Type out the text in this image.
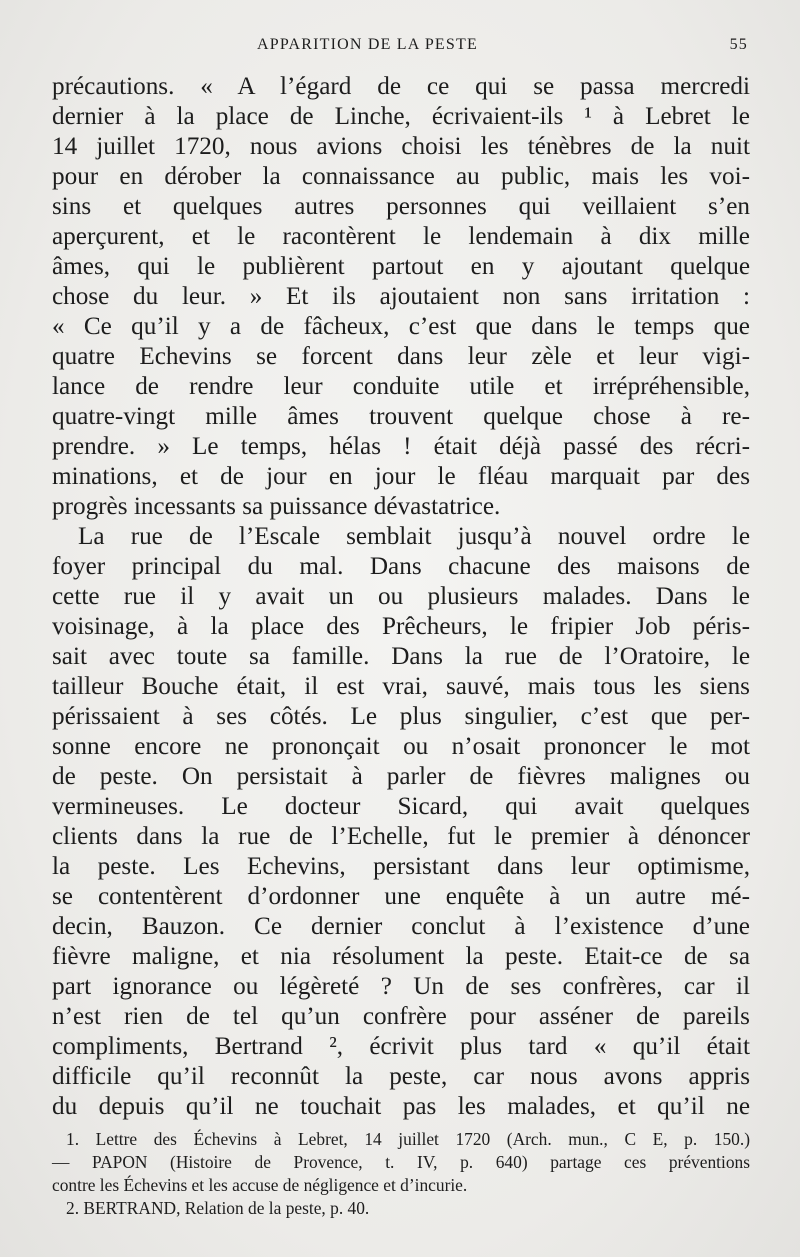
APPARITION DE LA PESTE	55
précautions. « A l’égard de ce qui se passa mercredi
dernier à la place de Linche, écrivaient-ils ¹ à Lebret le
14 juillet 1720, nous avions choisi les ténèbres de la nuit
pour en dérober la connaissance au public, mais les voi-
sins et quelques autres personnes qui veillaient s’en
aperçurent, et le racontèrent le lendemain à dix mille
âmes, qui le publièrent partout en y ajoutant quelque
chose du leur. » Et ils ajoutaient non sans irritation :
« Ce qu’il y a de fâcheux, c’est que dans le temps que
quatre Echevins se forcent dans leur zèle et leur vigi-
lance de rendre leur conduite utile et irrépréhensible,
quatre-vingt mille âmes trouvent quelque chose à re-
prendre. » Le temps, hélas ! était déjà passé des récri-
minations, et de jour en jour le fléau marquait par des
progrès incessants sa puissance dévastatrice.
La rue de l’Escale semblait jusqu’à nouvel ordre le
foyer principal du mal. Dans chacune des maisons de
cette rue il y avait un ou plusieurs malades. Dans le
voisinage, à la place des Prêcheurs, le fripier Job péris-
sait avec toute sa famille. Dans la rue de l’Oratoire, le
tailleur Bouche était, il est vrai, sauvé, mais tous les siens
périssaient à ses côtés. Le plus singulier, c’est que per-
sonne encore ne prononçait ou n’osait prononcer le mot
de peste. On persistait à parler de fièvres malignes ou
vermineuses. Le docteur Sicard, qui avait quelques
clients dans la rue de l’Echelle, fut le premier à dénoncer
la peste. Les Echevins, persistant dans leur optimisme,
se contentèrent d’ordonner une enquête à un autre mé-
decin, Bauzon. Ce dernier conclut à l’existence d’une
fièvre maligne, et nia résolument la peste. Etait-ce de sa
part ignorance ou légèreté ? Un de ses confrères, car il
n’est rien de tel qu’un confrère pour asséner de pareils
compliments, Bertrand ², écrivit plus tard « qu’il était
difficile qu’il reconnût la peste, car nous avons appris
du depuis qu’il ne touchait pas les malades, et qu’il ne
1. Lettre des Échevins à Lebret, 14 juillet 1720 (Arch. mun., C E, p. 150.)
— PAPON (Histoire de Provence, t. IV, p. 640) partage ces préventions
contre les Échevins et les accuse de négligence et d’incurie.
2. BERTRAND, Relation de la peste, p. 40.
